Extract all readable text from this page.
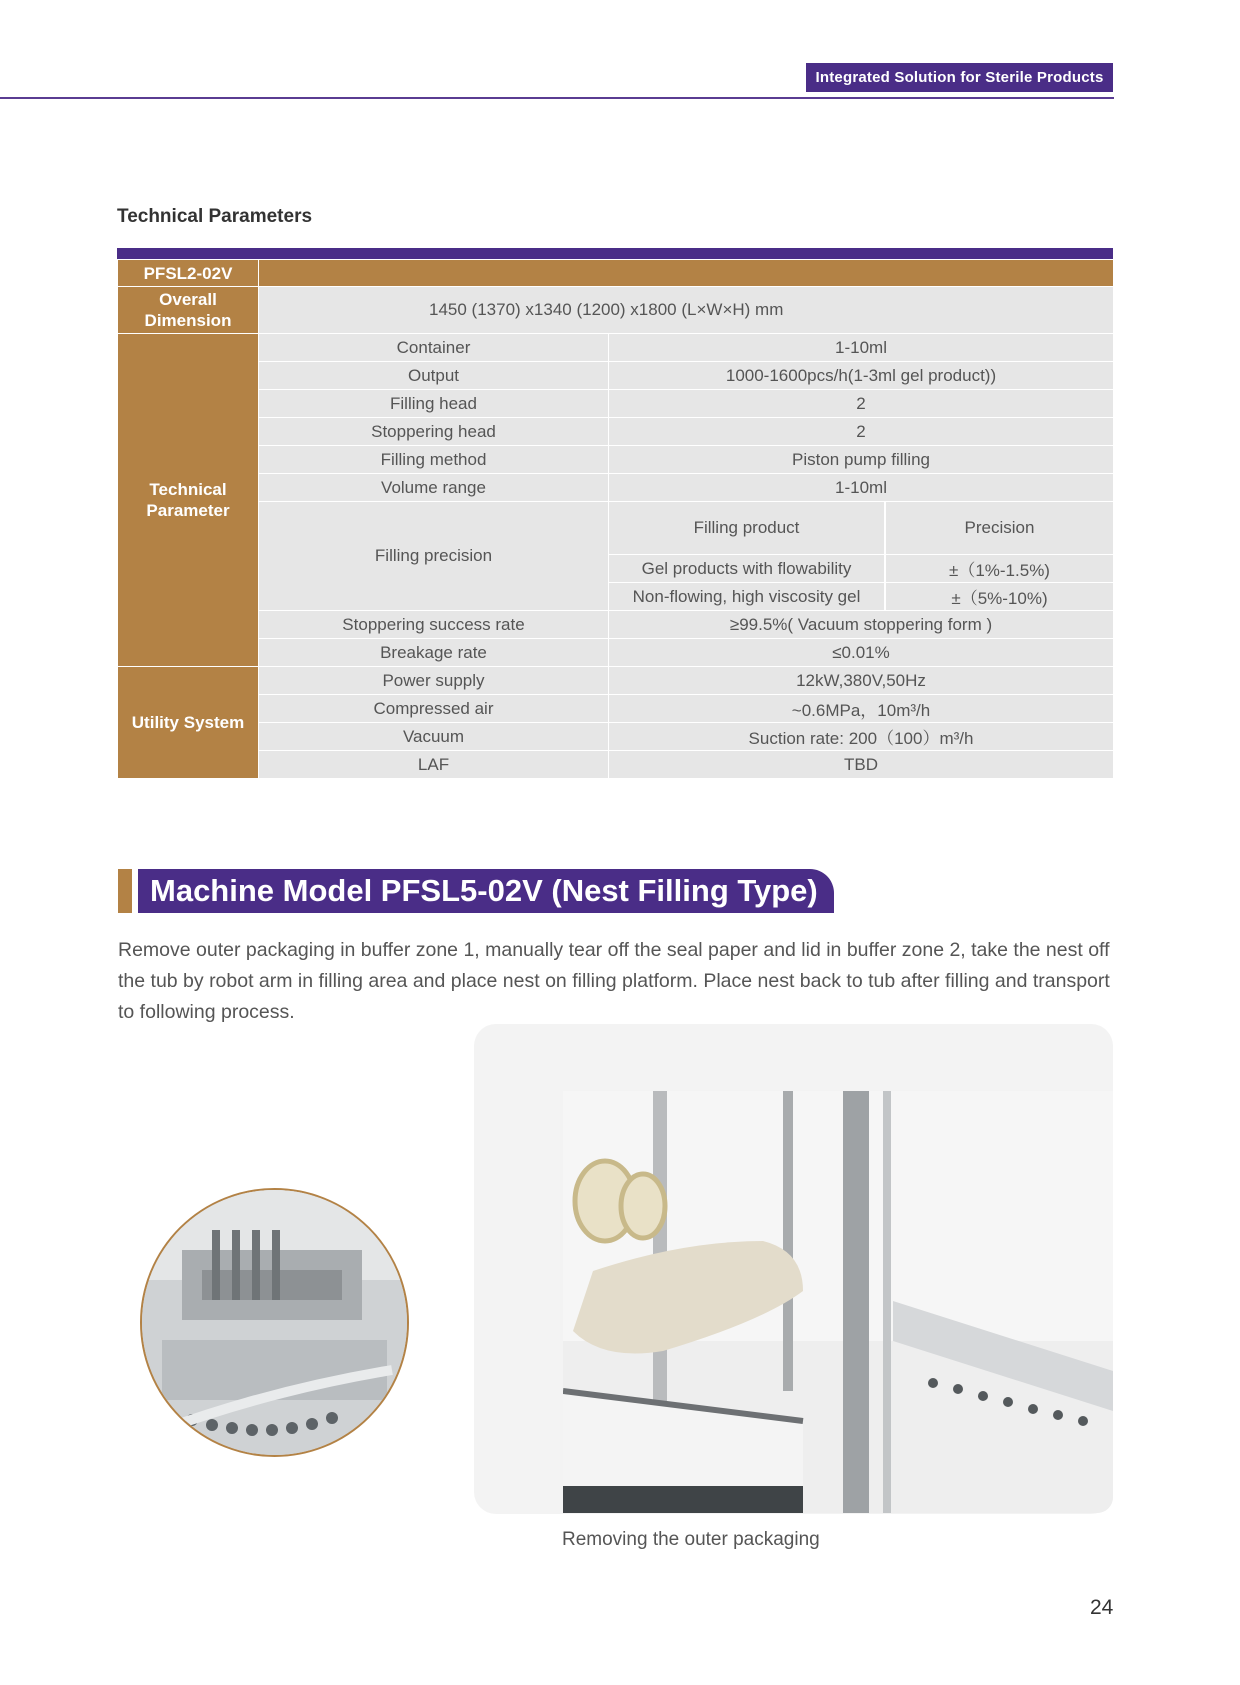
Integrated Solution for Sterile Products
Technical Parameters
PFSL2-02V		
Overall Dimension	1450 (1370) x1340 (1200) x1800 (L×W×H) mm	
Technical Parameter	Container	1-10ml
	Output	1000-1600pcs/h(1-3ml gel product))
	Filling head	2
	Stoppering head	2
	Filling method	Piston pump filling
	Volume range	1-10ml
	Filling precision	Filling product Precision

Gel products with flowability ±（1%-1.5%)

Non-flowing, high viscosity gel ±（5%-10%)

	Stoppering success rate	≥99.5%( Vacuum stoppering form )
	Breakage rate	≤0.01%
Utility System	Power supply	12kW,380V,50Hz
	Compressed air	~0.6MPa，10m³/h
	Vacuum	Suction rate: 200（100）m³/h
	LAF	TBD
Machine Model PFSL5-02V (Nest Filling Type)
Remove outer packaging in buffer zone 1, manually tear off the seal paper and lid in buffer zone 2, take the nest off the tub by robot arm in filling area and place nest on filling platform. Place nest back to tub after filling and transport to following process.
Removing the outer packaging
24
